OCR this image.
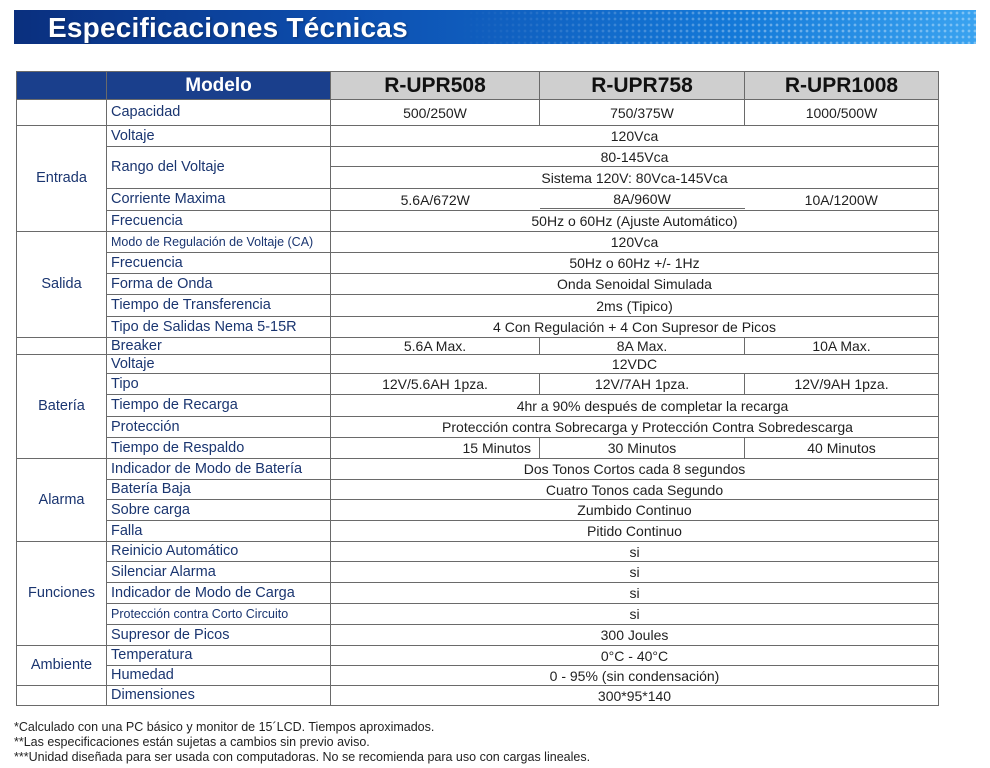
Especificaciones Técnicas
	Modelo	R-UPR508	R-UPR758	R-UPR1008
	Capacidad	500/250W	750/375W	1000/500W
Entrada	Voltaje	120Vca		
	Rango del Voltaje	80-145Vca		
		Sistema 120V: 80Vca-145Vca		
	Corriente Maxima	5.6A/672W	8A/960W	10A/1200W

	Frecuencia	50Hz o 60Hz (Ajuste Automático)		
Salida	Modo de Regulación de Voltaje (CA)	120Vca		
	Frecuencia	50Hz o 60Hz +/- 1Hz		
	Forma de Onda	Onda Senoidal Simulada		
	Tiempo de Transferencia	2ms (Tipico)		
	Tipo de Salidas Nema 5-15R	4 Con Regulación + 4 Con Supresor de Picos		
	Breaker	5.6A Max.	8A Max.	10A Max.
Batería	Voltaje	12VDC		
	Tipo	12V/5.6AH 1pza.	12V/7AH 1pza.	12V/9AH 1pza.
	Tiempo de Recarga	4hr a 90% después de completar la recarga		
	Protección	Protección contra Sobrecarga y Protección Contra Sobredescarga		
	Tiempo de Respaldo	15 Minutos	30 Minutos	40 Minutos
Alarma	Indicador de Modo de Batería	Dos Tonos Cortos cada 8 segundos		
	Batería Baja	Cuatro Tonos cada Segundo		
	Sobre carga	Zumbido Continuo		
	Falla	Pitido Continuo		
Funciones	Reinicio Automático	si		
	Silenciar Alarma	si		
	Indicador de Modo de Carga	si		
	Protección contra Corto Circuito	si		
	Supresor de Picos	300 Joules		
Ambiente	Temperatura	0°C - 40°C		
	Humedad	0 - 95% (sin condensación)		
	Dimensiones	300*95*140		
*Calculado con una PC básico y monitor de 15´LCD. Tiempos aproximados.
**Las especificaciones están sujetas a cambios sin previo aviso.
***Unidad diseñada para ser usada con computadoras. No se recomienda para uso con cargas lineales.
